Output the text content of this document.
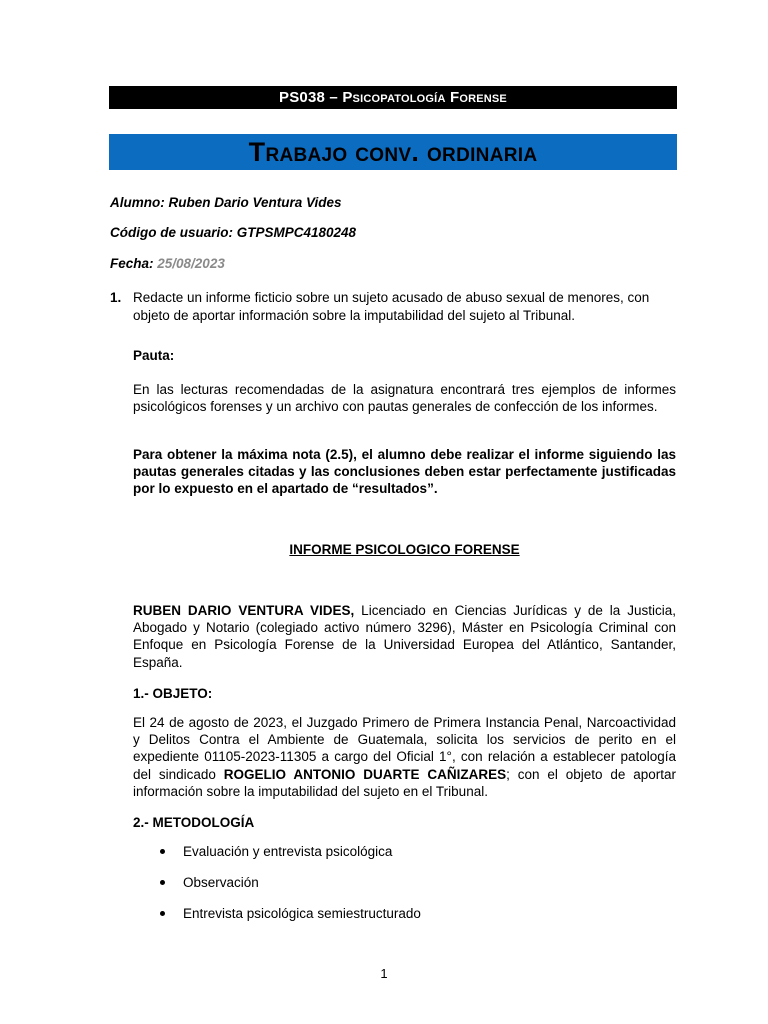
PS038 – Psicopatología Forense
Trabajo conv. ordinaria
Alumno: Ruben Dario Ventura Vides
Código de usuario: GTPSMPC4180248
Fecha: 25/08/2023
1. Redacte un informe ficticio sobre un sujeto acusado de abuso sexual de menores, con objeto de aportar información sobre la imputabilidad del sujeto al Tribunal.
Pauta:
En las lecturas recomendadas de la asignatura encontrará tres ejemplos de informes psicológicos forenses y un archivo con pautas generales de confección de los informes.
Para obtener la máxima nota (2.5), el alumno debe realizar el informe siguiendo las pautas generales citadas y las conclusiones deben estar perfectamente justificadas por lo expuesto en el apartado de “resultados”.
INFORME PSICOLOGICO FORENSE
RUBEN DARIO VENTURA VIDES, Licenciado en Ciencias Jurídicas y de la Justicia, Abogado y Notario (colegiado activo número 3296), Máster en Psicología Criminal con Enfoque en Psicología Forense de la Universidad Europea del Atlántico, Santander, España.
1.- OBJETO:
El 24 de agosto de 2023, el Juzgado Primero de Primera Instancia Penal, Narcoactividad y Delitos Contra el Ambiente de Guatemala, solicita los servicios de perito en el expediente 01105-2023-11305 a cargo del Oficial 1°, con relación a establecer patología del sindicado ROGELIO ANTONIO DUARTE CAÑIZARES; con el objeto de aportar información sobre la imputabilidad del sujeto en el Tribunal.
2.- METODOLOGÍA
Evaluación y entrevista psicológica
Observación
Entrevista psicológica semiestructurado
1
